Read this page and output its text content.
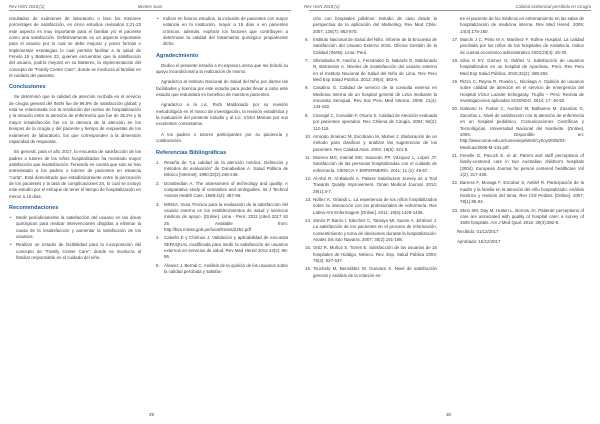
Rev HGN 2018;(1)	Montes Juan

resultados de exámenes de laboratorio o bien los menores porcentajes de satisfacción, en cinco estudios revisados 2,21-23 este aspecto es muy importante para el familiar y/o el paciente como una satisfacción. Definitivamente es un aspecto importante para el usuario por lo cual se debe mejorar y poner formas e implementar estrategias lo cual permita facilitar a la salud de Fenelo 15 y Batteres 23, quienes encuentran que la satisfacción del usuario, podría mejorar en su Batteres, la implementación del concepto de "Family Center Care", donde se involucra al familiar en el cuidado del paciente.

Conclusiones

Se determinó que la calidad de atención recibida en el servicio de cirugía general del INSN fue de 96.8% de satisfacción global; y esta se relacionada con la resolución del motivo de hospitalización y la relación entre la atención de enfermería que fue de 35.2% y la mayor insatisfacción fue en la demora de la atención en los tiempos de la cirugía y del paciente y tiempo de respuestas de los exámenes de laboratorio, los que corresponden a la dimensión capacidad de respuesta.

En general, para el año 2017, la encuesta de satisfacción de los padres o tutores de los niños hospitalizados ha mostrado mayor satisfacción que insatisfacción. Teniendo en cuenta que solo se han entrevistado a los padres o tutores de pacientes en estancia "corta". Está demostrado que estadísticamente entre la percepción de los pacientes y la tasa de complicaciones 24, lo cual se incluyó este estudio por el enfoque de tener el tiempo de hospitalización en menor a 10 días.

Recomendaciones
• Medir periódicamente la satisfacción del usuario en las áreas quirúrgicas para realizar intervenciones dirigidas a eliminar la causa de la insatisfacción y aumentar la satisfacción de los usuarios.
• Realizar un estudio de factibilidad para la incorporación del concepto de "Family Center Care", donde se involucra al familiar responsable en el cuidado del niño.
• Indicar en futuros estudios, la inclusión de pacientes con mayor estancia en la institución, mayor a 15 días o en pacientes crónicos, además, explorar los factores que contribuyen a determinar la calidad del tratamiento quirúrgico propiamente dicho.
Agradecimiento

Dedico el presente estudio a mi esposa Lorena que me brindó su apoyo incondicional a la realización de mismo.

Agradezco al Instituto Nacional de Salud del Niño por darme las facilidades y licencia por este estudio para poder llevar a cabo este estudio que redundará en beneficio de nuestros pacientes.

Agradezco a la Lic. Ruth Maldonado por su revisión metodológica en el marco de investigación, la revisión estadística y la evaluación del presente estudio y al Lic. Víctor Maman por sus excelentes comentarios.

A los padres o tutores participantes por su paciencia y colaboración.

Referencias Bibliográficas
1. Reseña de "La calidad de la atención médica. Definición y métodos de evaluación" de Donabedian A. Salud Pública de México [Internet]. 1990;32(2):248-249.
2. Donabedian A. The assessment of technology and quality: A comparative study of certainties and ambiguities. Int J Technol Assess Health Care. 1988;4(4): 487-96.
3. MINSA. Guía Técnica para la evaluación de la satisfacción del usuario externo en los establecimientos de salud y servicios médicos de apoyo. [Online]. Lima - Perú: 2011 [cited 2017 10 25. Available from: http://bvs.minsa.gob.pe/local/minsa/2252.pdf
4. Cabello E y Chirinos J. Validación y aplicabilidad de encuesta SERVQUAL modificada para medir la satisfacción de usuarios externos en servicios de salud. Rev Med Hered 2012 23(2): 88-95.
5. Álvarez J, Bernal C. Análisis de la opinión de los usuarios sobre la calidad percibida y satisfac-
29
Rev HGN 2018;(1)	Calidad asistencial percibida en Cirugía
ción con hospitales públicos: Estudio de caso desde la perspectiva de la aplicación del Marketing. Rev Med Chile. 2007; 135(7): 862-870.
6. Instituto Nacional de Salud del Niño. Informe de la Encuesta de Satisfacción del Usuario Externo 2016. Oficina Gestión de la Calidad (INSN). Lima: Perú.
7. Shimabuku R, Huicho L, Fernández D, Nakachi G, Maldonado R, Barrientos A. Niveles de insatisfacción del usuario externo en el Instituto Nacional de Salud del Niño de Lima. Rev Peru Med Exp Salud Publica. 2012; 29(4): 483-9.
8. Casalino G. Calidad de servicio de la consulta externa en Medicina Interna de un hospital general de Lima mediante la encuesta Servqual. Rev Soc Peru Med Interna. 2008; 21(4): 143-152.
9. Carvajal C, Corvalán F, Osorio S. Calidad de Atención evaluada por pacientes operados. Rev Chilena de Cirugía. 2004; 56(2): 112-116.
10. Arrondo Jiménez M, Escribano M, Mulner J. Elaboración de un método para clasificar y analizar las sugerencias de los pacientes. Rev Calidad Asist. 2004; 19(5): 321-8.
11. Moreno MG, Interial MG, Saucedo PP, Vázquez L, López JT. Satisfacción de las personas hospitalizadas con el cuidado de enfermería. CIENCIA Y ENFERMERÍA. 2011; 11 (1): 49-57.
12. Al-Abri R, Al-Balushi A. Patient Satisfaction Survey as a Tool Towards Quality Improvement. Oman Medical Journal. 2014; 29(1):3-7.
13. Núñez K, Orlandi L. La experiencia de los niños hospitalizados sobre su interacción con los profesionales de enfermería. Rev Latino-Am Enfermagem [Online]. 2011; 19(6):1429-1436.
14. Simón P, Barrio I, Sánchez C, Tamayo MI, Suess A, Jiménez J. La satisfacción de los pacientes en el proceso de información, consentimiento y toma de decisiones durante la hospitalización. Anales Sis San Navarra. 2007; 30(2):191-198.
15. Ortiz R, Muñoz S, Torres E. Satisfacción de los usuarios de 15 hospitales de Hidalgo, México. Rev. Esp. Salud Pública 2004; 78(4): 527-537.
16. Tsuchido M, Bernáldez M, Guevara X. Nivel de satisfacción general y análisis de la relación en-
tre el paciente de los médicos en entrenamiento en las salas de hospitalización de medicina interna. Rev Med Hered. 2009; 14(4):175-180.
17. Marchi J C, Pinto M A, Martínez F. Kühne Hospital. La calidad percibida por los niños de los hospitales de Andalucía. Índice de cuenta económico administrativo 2003;23(4): 25-30.
18. Silva H EY, Gómez O, Ibáñez V. Satisfacción de usuarios hospitalizados en un hospital de Apurímac, Perú. Rev Peru Med Exp Salud Pública. 2015;32(2): 289-292.
19. Rizzo C, Reyna R, Rosela L, Nicolaga A. Opinión de usuarios sobre calidad de atención en el servicio de emergencia del Hospital Víctor Lazarte Echegaray. Trujillo – Perú. Revista de investigaciones aplicadas SCIENDO. 2014; 17: 46-52.
20. Galeano H, Furlan C, Auchter M, Balbueno M, Zacarías G, Zacarías L. Nivel de satisfacción con la atención de enfermería en un hospital pediátrico. Comunicaciones Científicas y Tecnológicas. Universidad Nacional del Nordeste. [Online]. 2006. Disponible en: http://www.unne.edu.ar/unnevieja/Web/cyt/cyt2006/03-Medicas/2006-M-134.pdf.
21. Fenelle G, Pacuck E, et al. Parent and staff perceptions of family-centered care in two Australian children's hospitals (2004). European Journal for person centered healthcare Vol 1(2): 317-325.
22. Barrera F, Moraga F, Escobar S, Antilef R. Participación de la madre y la familia en la atención del niño hospitalizado: Análisis histórico y revisión del tema. Rev Chil Pediatr. [Online]. 2007; 78(1):85-94.
23. Stein SM, Day M, Hutten L, Borrow JA. Patients' perceptions of care are associated with quality of hospital care: a survey of 4605 hospitals. Am J Med Qual. 2015; 30(4):382-8.

Recibido: 01/12/2017

Aprobado: 15/12/2017

30
